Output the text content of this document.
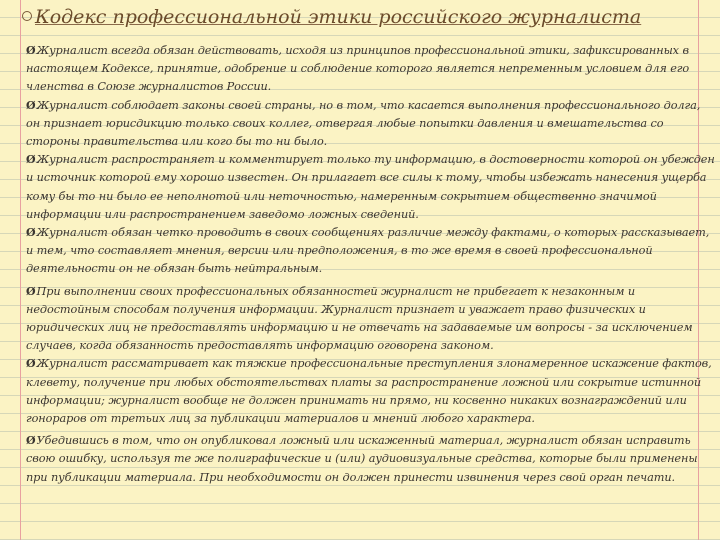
Кодекс профессиональной этики российского журналиста
ØЖурналист всегда обязан действовать, исходя из принципов профессиональной этики, зафиксированных в настоящем Кодексе, принятие, одобрение и соблюдение которого является непременным условием для его членства в Союзе журналистов России.
ØЖурналист соблюдает законы своей страны, но в том, что касается выполнения профессионального долга, он признает юрисдикцию только своих коллег, отвергая любые попытки давления и вмешательства со стороны правительства или кого бы то ни было.
ØЖурналист распространяет и комментирует только ту информацию, в достоверности которой он убежден и источник которой ему хорошо известен. Он прилагает все силы к тому, чтобы избежать нанесения ущерба кому бы то ни было ее неполнотой или неточностью, намеренным сокрытием общественно значимой информации или распространением заведомо ложных сведений.
ØЖурналист обязан четко проводить в своих сообщениях различие между фактами, о которых рассказывает, и тем, что составляет мнения, версии или предположения, в то же время в своей профессиональной деятельности он не обязан быть нейтральным.
ØПри выполнении своих профессиональных обязанностей журналист не прибегает к незаконным и недостойным способам получения информации. Журналист признает и уважает право физических и юридических лиц не предоставлять информацию и не отвечать на задаваемые им вопросы - за исключением случаев, когда обязанность предоставлять информацию оговорена законом.
ØЖурналист рассматривает как тяжкие профессиональные преступления злонамеренное искажение фактов, клевету, получение при любых обстоятельствах платы за распространение ложной или сокрытие истинной информации; журналист вообще не должен принимать ни прямо, ни косвенно никаких вознаграждений или гонораров от третьих лиц за публикации материалов и мнений любого характера.
ØУбедившись в том, что он опубликовал ложный или искаженный материал, журналист обязан исправить свою ошибку, используя те же полиграфические и (или) аудиовизуальные средства, которые были применены при публикации материала. При необходимости он должен принести извинения через свой орган печати.
